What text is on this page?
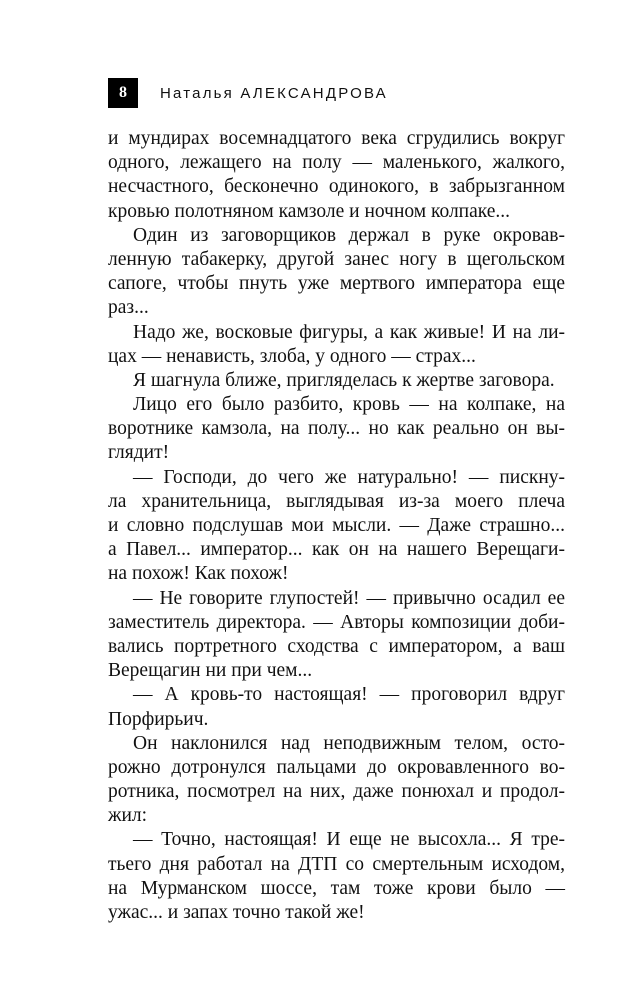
8	Наталья АЛЕКСАНДРОВА
и мундирах восемнадцатого века сгрудились вокруг
одного, лежащего на полу — маленького, жалкого,
несчастного, бесконечно одинокого, в забрызганном
кровью полотняном камзоле и ночном колпаке...
Один из заговорщиков держал в руке окровав-
ленную табакерку, другой занес ногу в щегольском
сапоге, чтобы пнуть уже мертвого императора еще
раз...
Надо же, восковые фигуры, а как живые! И на ли-
цах — ненависть, злоба, у одного — страх...
Я шагнула ближе, пригляделась к жертве заговора.
Лицо его было разбито, кровь — на колпаке, на
воротнике камзола, на полу... но как реально он вы-
глядит!
— Господи, до чего же натурально! — пискну-
ла хранительница, выглядывая из-за моего плеча
и словно подслушав мои мысли. — Даже страшно...
а Павел... император... как он на нашего Верещаги-
на похож! Как похож!
— Не говорите глупостей! — привычно осадил ее
заместитель директора. — Авторы композиции доби-
вались портретного сходства с императором, а ваш
Верещагин ни при чем...
— А кровь-то настоящая! — проговорил вдруг
Порфирьич.
Он наклонился над неподвижным телом, осто-
рожно дотронулся пальцами до окровавленного во-
ротника, посмотрел на них, даже понюхал и продол-
жил:
— Точно, настоящая! И еще не высохла... Я тре-
тьего дня работал на ДТП со смертельным исходом,
на Мурманском шоссе, там тоже крови было —
ужас... и запах точно такой же!
